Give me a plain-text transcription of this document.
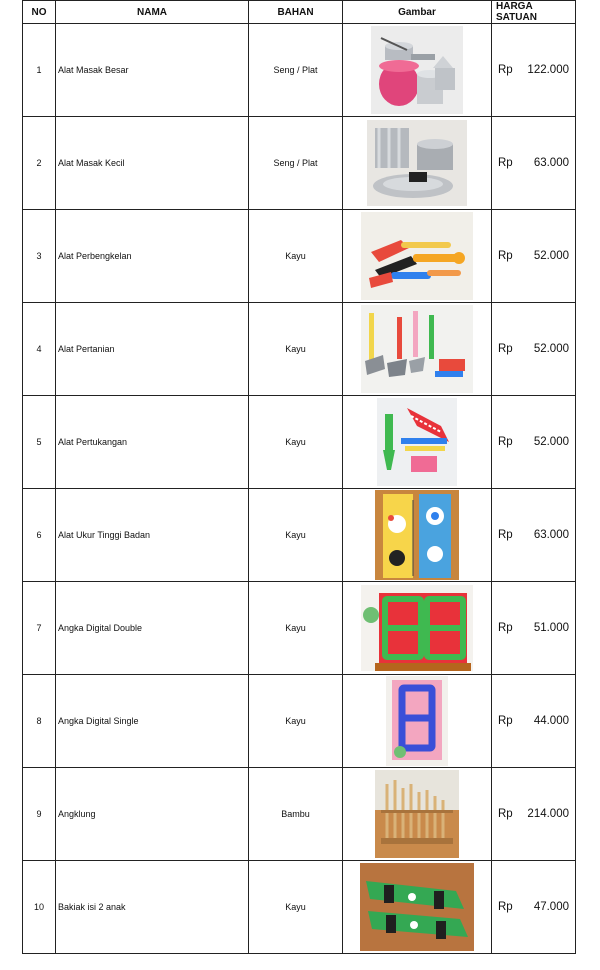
NO	NAMA	BAHAN	Gambar	HARGA
SATUAN
1	Alat Masak Besar	Seng / Plat		Rp 122.000

2	Alat Masak Kecil	Seng / Plat		Rp 63.000

3	Alat Perbengkelan	Kayu		Rp 52.000

4	Alat Pertanian	Kayu		Rp 52.000

5	Alat Pertukangan	Kayu		Rp 52.000

6	Alat Ukur Tinggi Badan	Kayu		Rp 63.000

7	Angka Digital Double	Kayu		Rp 51.000

8	Angka Digital Single	Kayu		Rp 44.000

9	Angklung	Bambu		Rp 214.000

10	Bakiak isi 2 anak	Kayu		Rp 47.000
